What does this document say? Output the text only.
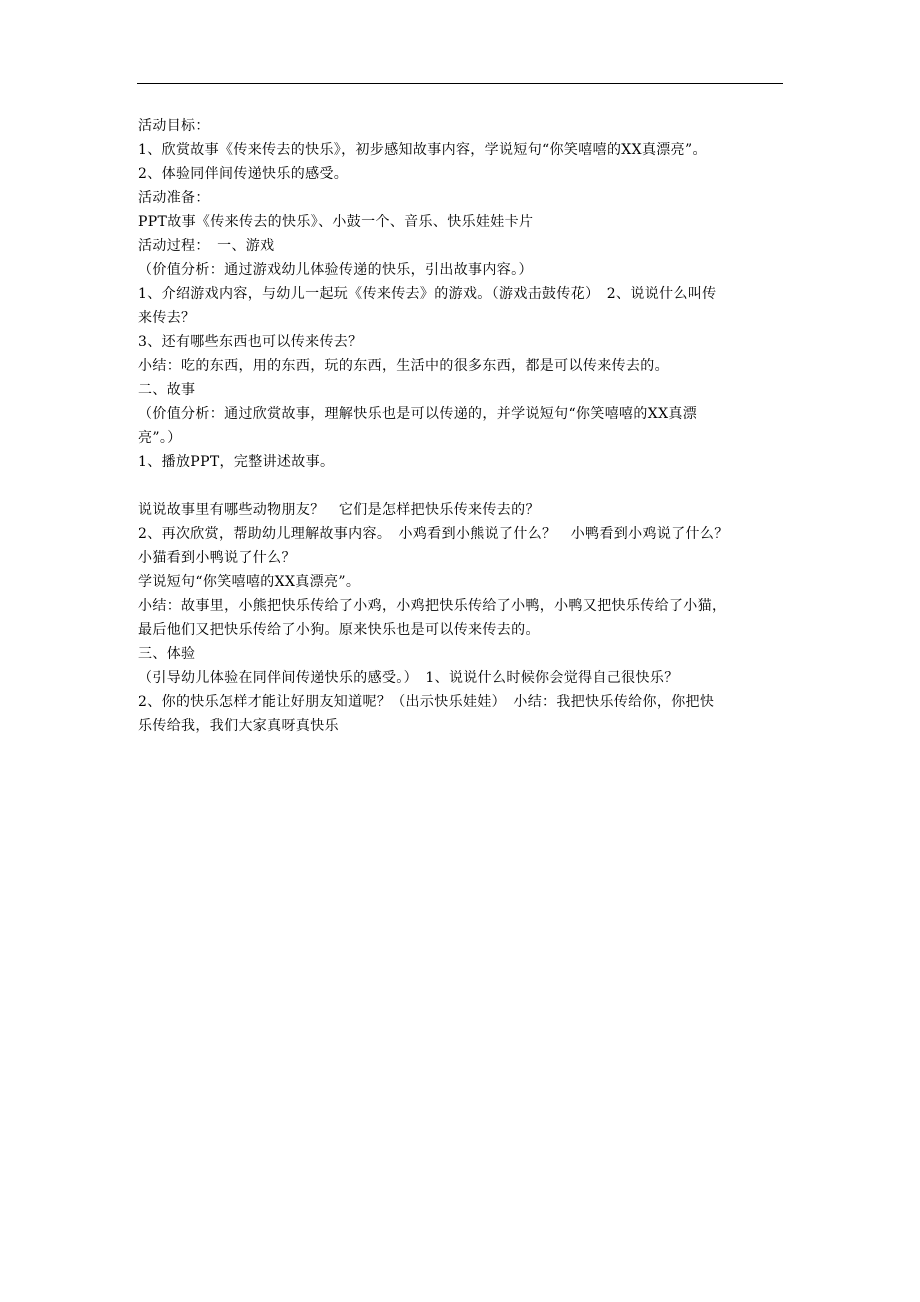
活动目标：
1、欣赏故事《传来传去的快乐》，初步感知故事内容，学说短句“你笑嘻嘻的XX真漂亮”。
2、体验同伴间传递快乐的感受。
活动准备：
PPT故事《传来传去的快乐》、小鼓一个、音乐、快乐娃娃卡片
活动过程：　一、游戏
（价值分析：通过游戏幼儿体验传递的快乐，引出故事内容。）
1、介绍游戏内容，与幼儿一起玩《传来传去》的游戏。（游戏击鼓传花）　2、说说什么叫传
来传去？
3、还有哪些东西也可以传来传去？
小结：吃的东西，用的东西，玩的东西，生活中的很多东西，都是可以传来传去的。
二、故事
（价值分析：通过欣赏故事，理解快乐也是可以传递的，并学说短句“你笑嘻嘻的XX真漂
亮”。）
1、播放PPT，完整讲述故事。
说说故事里有哪些动物朋友？　它们是怎样把快乐传来传去的？
2、再次欣赏，帮助幼儿理解故事内容。　小鸡看到小熊说了什么？　小鸭看到小鸡说了什么？
小猫看到小鸭说了什么？
学说短句“你笑嘻嘻的XX真漂亮”。
小结：故事里，小熊把快乐传给了小鸡，小鸡把快乐传给了小鸭，小鸭又把快乐传给了小猫，
最后他们又把快乐传给了小狗。原来快乐也是可以传来传去的。
三、体验
（引导幼儿体验在同伴间传递快乐的感受。）　1、说说什么时候你会觉得自己很快乐？
2、你的快乐怎样才能让好朋友知道呢？（出示快乐娃娃）　小结：我把快乐传给你，你把快
乐传给我，我们大家真呀真快乐
